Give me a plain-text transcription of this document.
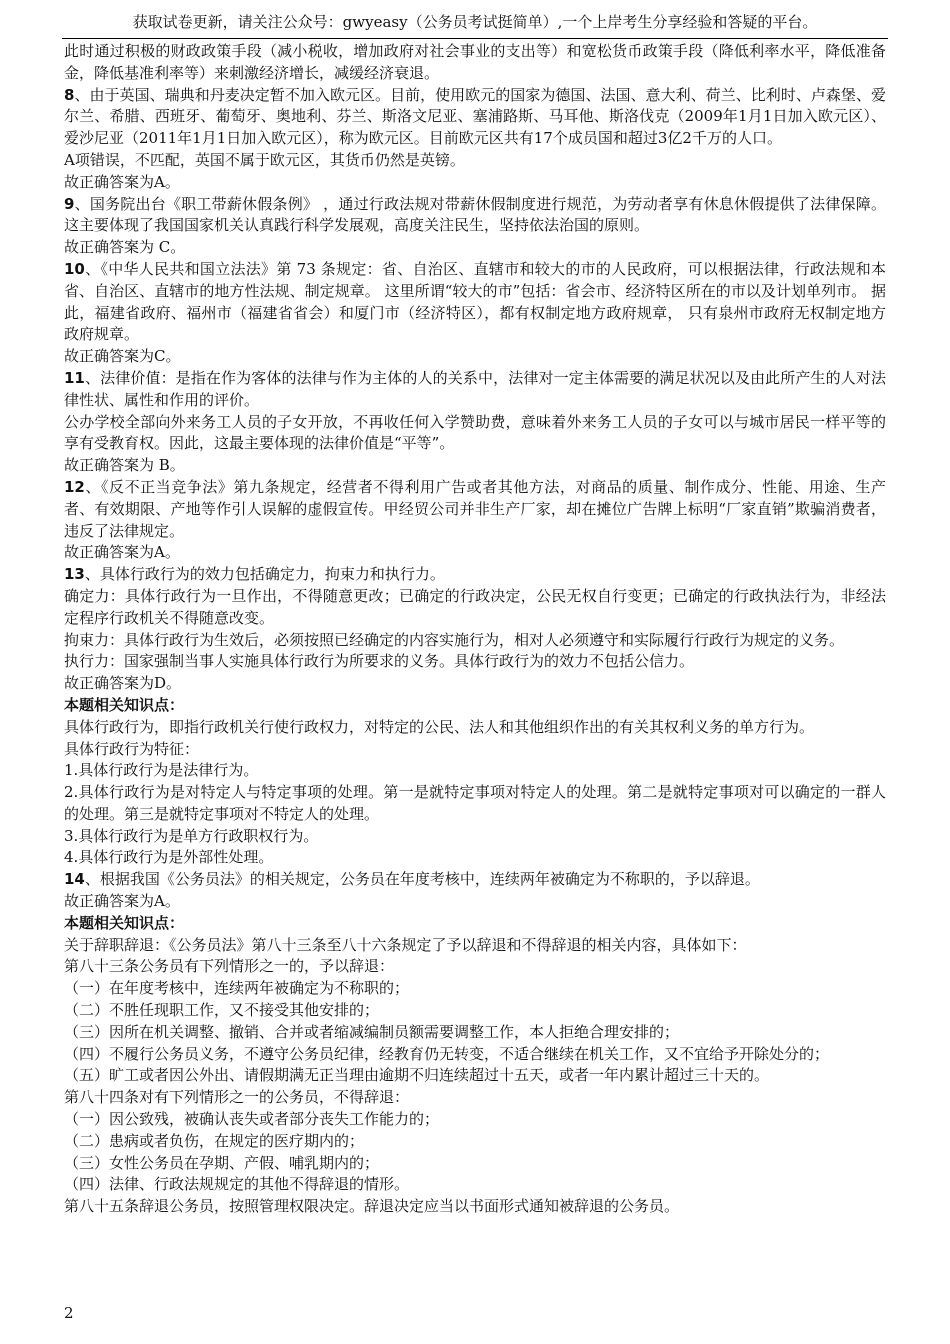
获取试卷更新，请关注公众号：gwyeasy（公务员考试挺简单）,一个上岸考生分享经验和答疑的平台。

此时通过积极的财政政策手段（减小税收，增加政府对社会事业的支出等）和宽松货币政策手段（降低利率水平，降低准备金，降低基准利率等）来刺激经济增长，减缓经济衰退。

8、由于英国、瑞典和丹麦决定暂不加入欧元区。目前，使用欧元的国家为德国、法国、意大利、荷兰、比利时、卢森堡、爱尔兰、希腊、西班牙、葡萄牙、奥地利、芬兰、斯洛文尼亚、塞浦路斯、马耳他、斯洛伐克（2009年1月1日加入欧元区）、爱沙尼亚（2011年1月1日加入欧元区），称为欧元区。目前欧元区共有17个成员国和超过3亿2千万的人口。

A项错误，不匹配，英国不属于欧元区，其货币仍然是英镑。

故正确答案为A。

9、国务院出台《职工带薪休假条例》 ，通过行政法规对带薪休假制度进行规范，为劳动者享有休息休假提供了法律保障。这主要体现了我国国家机关认真践行科学发展观，高度关注民生，坚持依法治国的原则。

故正确答案为 C。

10、《中华人民共和国立法法》第 73 条规定：省、自治区、直辖市和较大的市的人民政府，可以根据法律，行政法规和本省、自治区、直辖市的地方性法规、制定规章。 这里所谓“较大的市”包括：省会市、经济特区所在的市以及计划单列市。 据此，福建省政府、福州市（福建省省会）和厦门市（经济特区），都有权制定地方政府规章， 只有泉州市政府无权制定地方政府规章。

故正确答案为C。

11、法律价值：是指在作为客体的法律与作为主体的人的关系中，法律对一定主体需要的满足状况以及由此所产生的人对法律性状、属性和作用的评价。

公办学校全部向外来务工人员的子女开放，不再收任何入学赞助费，意味着外来务工人员的子女可以与城市居民一样平等的享有受教育权。因此，这最主要体现的法律价值是“平等”。

故正确答案为 B。

12、《反不正当竞争法》第九条规定，经营者不得利用广告或者其他方法，对商品的质量、制作成分、性能、用途、生产者、有效期限、产地等作引人误解的虚假宣传。甲经贸公司并非生产厂家，却在摊位广告牌上标明“厂家直销”欺骗消费者，违反了法律规定。

故正确答案为A。

13、具体行政行为的效力包括确定力，拘束力和执行力。

确定力：具体行政行为一旦作出，不得随意更改；已确定的行政决定，公民无权自行变更；已确定的行政执法行为，非经法定程序行政机关不得随意改变。

拘束力：具体行政行为生效后，必须按照已经确定的内容实施行为，相对人必须遵守和实际履行行政行为规定的义务。

执行力：国家强制当事人实施具体行政行为所要求的义务。具体行政行为的效力不包括公信力。

故正确答案为D。

本题相关知识点：

具体行政行为，即指行政机关行使行政权力，对特定的公民、法人和其他组织作出的有关其权利义务的单方行为。

具体行政行为特征：

1.具体行政行为是法律行为。

2.具体行政行为是对特定人与特定事项的处理。第一是就特定事项对特定人的处理。第二是就特定事项对可以确定的一群人的处理。第三是就特定事项对不特定人的处理。

3.具体行政行为是单方行政职权行为。

4.具体行政行为是外部性处理。

14、根据我国《公务员法》的相关规定，公务员在年度考核中，连续两年被确定为不称职的，予以辞退。

故正确答案为A。

本题相关知识点：

关于辞职辞退：《公务员法》第八十三条至八十六条规定了予以辞退和不得辞退的相关内容，具体如下：

第八十三条公务员有下列情形之一的，予以辞退：

（一）在年度考核中，连续两年被确定为不称职的；

（二）不胜任现职工作，又不接受其他安排的；

（三）因所在机关调整、撤销、合并或者缩减编制员额需要调整工作，本人拒绝合理安排的；

（四）不履行公务员义务，不遵守公务员纪律，经教育仍无转变，不适合继续在机关工作，又不宜给予开除处分的；

（五）旷工或者因公外出、请假期满无正当理由逾期不归连续超过十五天，或者一年内累计超过三十天的。

第八十四条对有下列情形之一的公务员，不得辞退：

（一）因公致残，被确认丧失或者部分丧失工作能力的；

（二）患病或者负伤，在规定的医疗期内的；

（三）女性公务员在孕期、产假、哺乳期内的；

（四）法律、行政法规规定的其他不得辞退的情形。

第八十五条辞退公务员，按照管理权限决定。辞退决定应当以书面形式通知被辞退的公务员。

2
